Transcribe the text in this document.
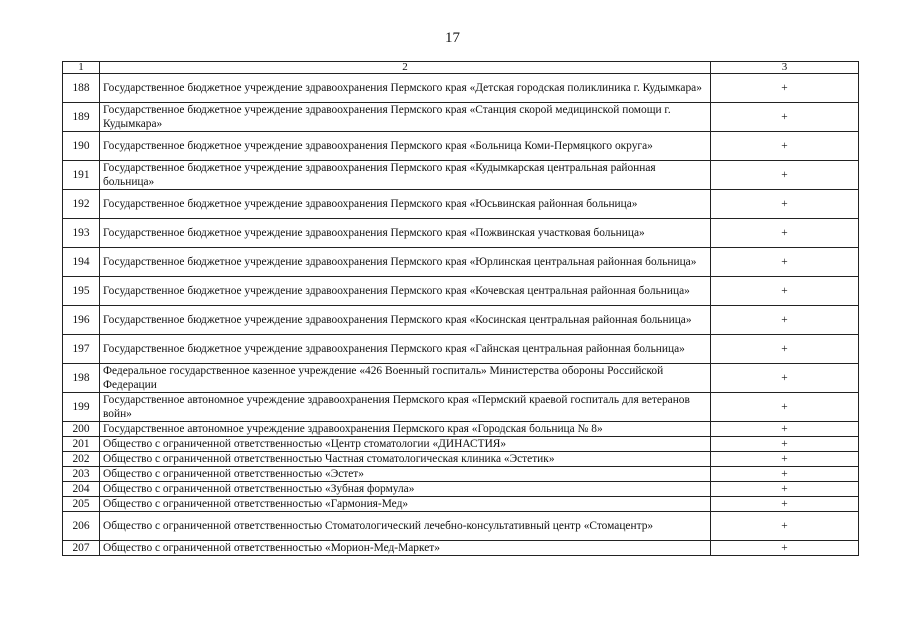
17
1	2	3
188	Государственное бюджетное учреждение здравоохранения Пермского края «Детская городская поликлиника г. Кудымкара»	+
189	Государственное бюджетное учреждение здравоохранения Пермского края «Станция скорой медицинской помощи г. Кудымкара»	+
190	Государственное бюджетное учреждение здравоохранения Пермского края «Больница Коми-Пермяцкого округа»	+
191	Государственное бюджетное учреждение здравоохранения Пермского края «Кудымкарская центральная районная больница»	+
192	Государственное бюджетное учреждение здравоохранения Пермского края «Юсьвинская районная больница»	+
193	Государственное бюджетное учреждение здравоохранения Пермского края «Пожвинская участковая больница»	+
194	Государственное бюджетное учреждение здравоохранения Пермского края «Юрлинская центральная районная больница»	+
195	Государственное бюджетное учреждение здравоохранения Пермского края «Кочевская центральная районная больница»	+
196	Государственное бюджетное учреждение здравоохранения Пермского края «Косинская центральная районная больница»	+
197	Государственное бюджетное учреждение здравоохранения Пермского края «Гайнская центральная районная больница»	+
198	Федеральное государственное казенное учреждение «426 Военный госпиталь» Министерства обороны Российской Федерации	+
199	Государственное автономное учреждение здравоохранения Пермского края «Пермский краевой госпиталь для ветеранов войн»	+
200	Государственное автономное учреждение здравоохранения Пермского края «Городская больница № 8»	+
201	Общество с ограниченной ответственностью «Центр стоматологии «ДИНАСТИЯ»	+
202	Общество с ограниченной ответственностью Частная стоматологическая клиника «Эстетик»	+
203	Общество с ограниченной ответственностью «Эстет»	+
204	Общество с ограниченной ответственностью «Зубная формула»	+
205	Общество с ограниченной ответственностью «Гармония-Мед»	+
206	Общество с ограниченной ответственностью Стоматологический лечебно-консультативный центр «Стомацентр»	+
207	Общество с ограниченной ответственностью «Морион-Мед-Маркет»	+
